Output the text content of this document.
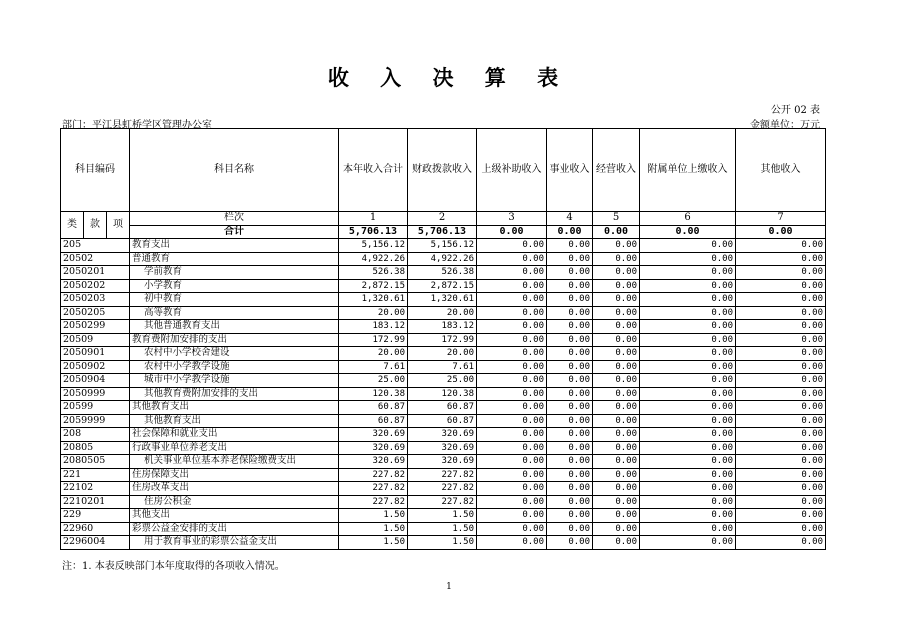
收 入 决 算 表
公开 02 表
部门：平江县虹桥学区管理办公室	金额单位：万元
科目编码			科目名称	本年收入合计	财政拨款收入	上级补助收入	事业收入	经营收入	附属单位上缴收入	其他收入
类	款	项	栏次	1	2	3	4	5	6	7
			合计	5,706.13	5,706.13	0.00	0.00	0.00	0.00	0.00
205			教育支出	5,156.12	5,156.12	0.00	0.00	0.00	0.00	0.00
20502			普通教育	4,922.26	4,922.26	0.00	0.00	0.00	0.00	0.00
2050201			学前教育	526.38	526.38	0.00	0.00	0.00	0.00	0.00
2050202			小学教育	2,872.15	2,872.15	0.00	0.00	0.00	0.00	0.00
2050203			初中教育	1,320.61	1,320.61	0.00	0.00	0.00	0.00	0.00
2050205			高等教育	20.00	20.00	0.00	0.00	0.00	0.00	0.00
2050299			其他普通教育支出	183.12	183.12	0.00	0.00	0.00	0.00	0.00
20509			教育费附加安排的支出	172.99	172.99	0.00	0.00	0.00	0.00	0.00
2050901			农村中小学校舍建设	20.00	20.00	0.00	0.00	0.00	0.00	0.00
2050902			农村中小学教学设施	7.61	7.61	0.00	0.00	0.00	0.00	0.00
2050904			城市中小学教学设施	25.00	25.00	0.00	0.00	0.00	0.00	0.00
2050999			其他教育费附加安排的支出	120.38	120.38	0.00	0.00	0.00	0.00	0.00
20599			其他教育支出	60.87	60.87	0.00	0.00	0.00	0.00	0.00
2059999			其他教育支出	60.87	60.87	0.00	0.00	0.00	0.00	0.00
208			社会保障和就业支出	320.69	320.69	0.00	0.00	0.00	0.00	0.00
20805			行政事业单位养老支出	320.69	320.69	0.00	0.00	0.00	0.00	0.00
2080505			机关事业单位基本养老保险缴费支出	320.69	320.69	0.00	0.00	0.00	0.00	0.00
221			住房保障支出	227.82	227.82	0.00	0.00	0.00	0.00	0.00
22102			住房改革支出	227.82	227.82	0.00	0.00	0.00	0.00	0.00
2210201			住房公积金	227.82	227.82	0.00	0.00	0.00	0.00	0.00
229			其他支出	1.50	1.50	0.00	0.00	0.00	0.00	0.00
22960			彩票公益金安排的支出	1.50	1.50	0.00	0.00	0.00	0.00	0.00
2296004			用于教育事业的彩票公益金支出	1.50	1.50	0.00	0.00	0.00	0.00	0.00
注：1. 本表反映部门本年度取得的各项收入情况。
1
